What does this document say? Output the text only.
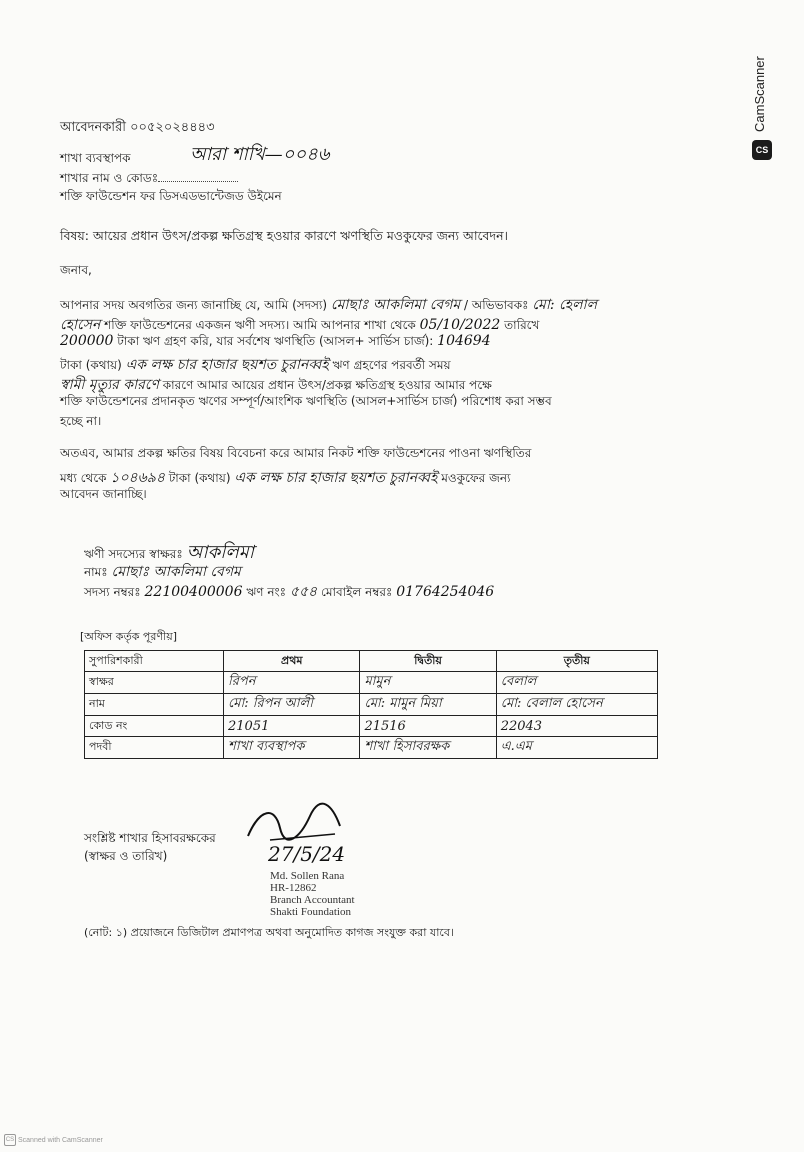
CamScanner
CS
আবেদনকারী ০০৫২০২৪৪৪৩
শাখা ব্যবস্থাপক	আরা শাখি—০০৪৬
শাখার নাম ও কোডঃ
শক্তি ফাউন্ডেশন ফর ডিসএডভান্টেজড উইমেন
বিষয়: আয়ের প্রধান উৎস/প্রকল্প ক্ষতিগ্রস্থ হওয়ার কারণে ঋণস্থিতি মওকুফের জন্য আবেদন।
জনাব,
আপনার সদয় অবগতির জন্য জানাচ্ছি যে, আমি (সদস্য) মোছাঃ আকলিমা বেগম / অভিভাবকঃ মো: হেলাল
হোসেন শক্তি ফাউন্ডেশনের একজন ঋণী সদস্য। আমি আপনার শাখা থেকে 05/10/2022 তারিখে
200000 টাকা ঋণ গ্রহণ করি, যার সর্বশেষ ঋণস্থিতি (আসল+ সার্ভিস চার্জ): 104694
টাকা (কথায়) এক লক্ষ চার হাজার ছয়শত চুরানব্বই ঋণ গ্রহণের পরবর্তী সময়
স্বামী মৃত্যুর কারণে কারণে আমার আয়ের প্রধান উৎস/প্রকল্প ক্ষতিগ্রস্থ হওয়ার আমার পক্ষে
শক্তি ফাউন্ডেশনের প্রদানকৃত ঋণের সম্পূর্ণ/আংশিক ঋণস্থিতি (আসল+সার্ভিস চার্জ) পরিশোধ করা সম্ভব
হচ্ছে না।
অতএব, আমার প্রকল্প ক্ষতির বিষয় বিবেচনা করে আমার নিকট শক্তি ফাউন্ডেশনের পাওনা ঋণস্থিতির
মধ্য থেকে ১০৪৬৯৪ টাকা (কথায়) এক লক্ষ চার হাজার ছয়শত চুরানব্বই মওকুফের জন্য
আবেদন জানাচ্ছি।
ঋণী সদস্যের স্বাক্ষরঃ আকলিমা
নামঃ মোছাঃ আকলিমা বেগম
সদস্য নম্বরঃ 22100400006 ঋণ নংঃ ৫৫৪ মোবাইল নম্বরঃ 01764254046
[অফিস কর্তৃক পূরণীয়]
সুপারিশকারী	প্রথম	দ্বিতীয়	তৃতীয়
স্বাক্ষর	রিপন	মামুন	বেলাল
নাম	মো: রিপন আলী	মো: মামুন মিয়া	মো: বেলাল হোসেন
কোড নং	21051	21516	22043
পদবী	শাখা ব্যবস্থাপক	শাখা হিসাবরক্ষক	এ.এম
সংশ্লিষ্ট শাখার হিসাবরক্ষকের
(স্বাক্ষর ও তারিখ)	27/5/24
Md. Sollen Rana
HR-12862
Branch Accountant
Shakti Foundation
(নোট: ১) প্রয়োজনে ডিজিটাল প্রমাণপত্র অথবা অনুমোদিত কাগজ সংযুক্ত করা যাবে।
CS Scanned with CamScanner
